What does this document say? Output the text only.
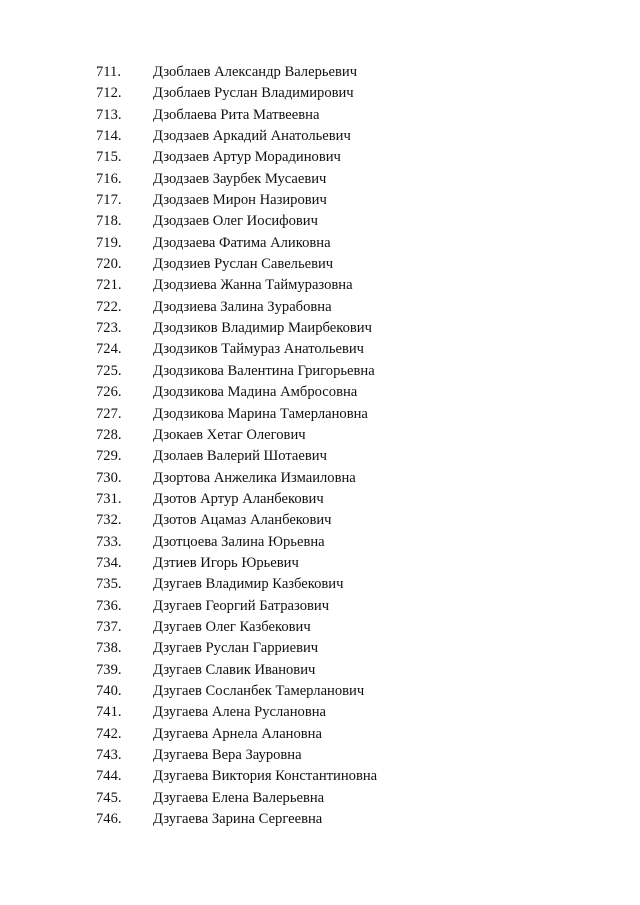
711.	Дзоблаев Александр Валерьевич
712.	Дзоблаев Руслан Владимирович
713.	Дзоблаева Рита Матвеевна
714.	Дзодзаев Аркадий Анатольевич
715.	Дзодзаев Артур Морадинович
716.	Дзодзаев Заурбек Мусаевич
717.	Дзодзаев Мирон Назирович
718.	Дзодзаев Олег Иосифович
719.	Дзодзаева Фатима Аликовна
720.	Дзодзиев Руслан Савельевич
721.	Дзодзиева Жанна Таймуразовна
722.	Дзодзиева Залина Зурабовна
723.	Дзодзиков Владимир Маирбекович
724.	Дзодзиков Таймураз Анатольевич
725.	Дзодзикова Валентина Григорьевна
726.	Дзодзикова Мадина Амбросовна
727.	Дзодзикова Марина Тамерлановна
728.	Дзокаев Хетаг Олегович
729.	Дзолаев Валерий Шотаевич
730.	Дзортова Анжелика Измаиловна
731.	Дзотов Артур Аланбекович
732.	Дзотов Ацамаз Аланбекович
733.	Дзотцоева Залина Юрьевна
734.	Дзтиев Игорь Юрьевич
735.	Дзугаев Владимир Казбекович
736.	Дзугаев Георгий Батразович
737.	Дзугаев Олег Казбекович
738.	Дзугаев Руслан Гарриевич
739.	Дзугаев Славик Иванович
740.	Дзугаев Сосланбек Тамерланович
741.	Дзугаева Алена Руслановна
742.	Дзугаева Арнела Алановна
743.	Дзугаева Вера Зауровна
744.	Дзугаева Виктория Константиновна
745.	Дзугаева Елена Валерьевна
746.	Дзугаева Зарина Сергеевна
